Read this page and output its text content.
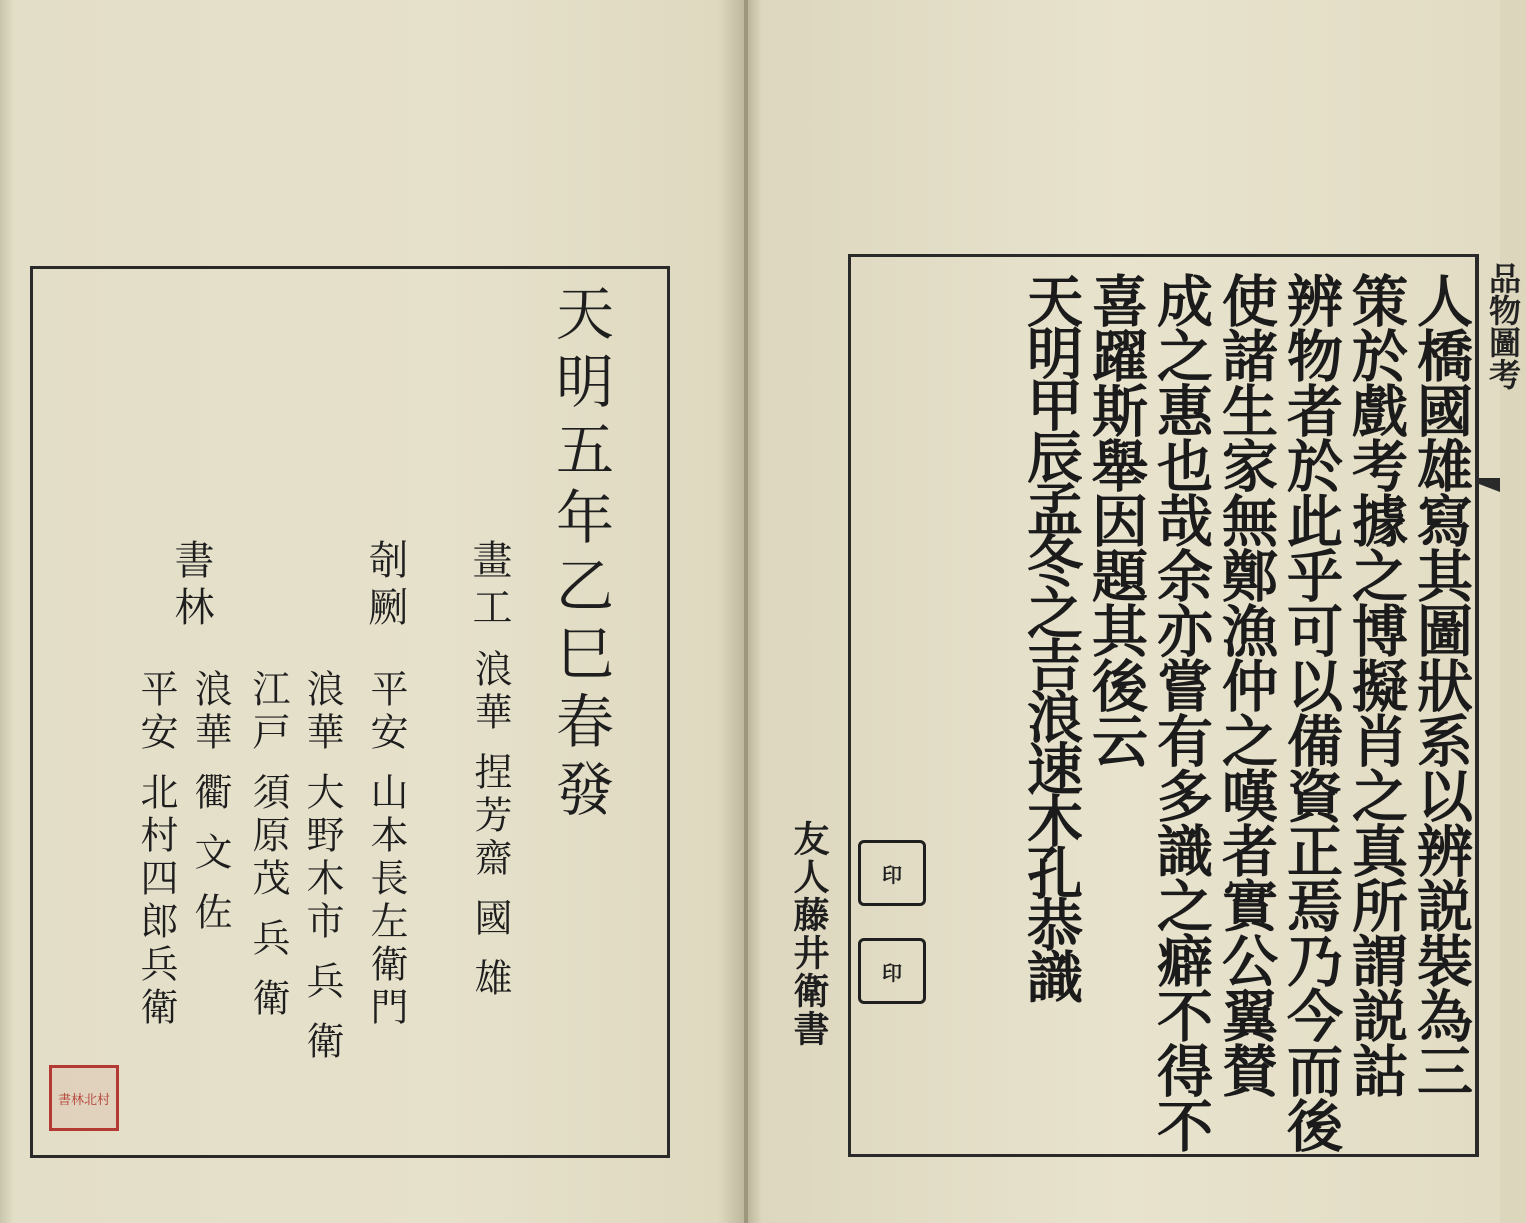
天明五年乙巳春發
畫工
浪華 捏芳齋 國 雄
剞劂
平安 山本長左衛門
書林
浪華 大野木市 兵 衛
江戸 須原茂 兵 衛
浪華 衢 文 佐
平安 北村四郎兵衛
書林北村
人橋國雄寫其圖狀系以辨説裝為三
策於戲考據之博擬肖之真所謂説詁
辨物者於此乎可以備資正焉乃今而後
使諸生家無鄭漁仲之嘆者實公翼賛
成之惠也哉余亦嘗有多識之癖不得不
喜躍斯舉因題其後云
天明甲辰孟冬之吉浪速木孔恭識
印
印
友人藤井衛書
品物圖考
